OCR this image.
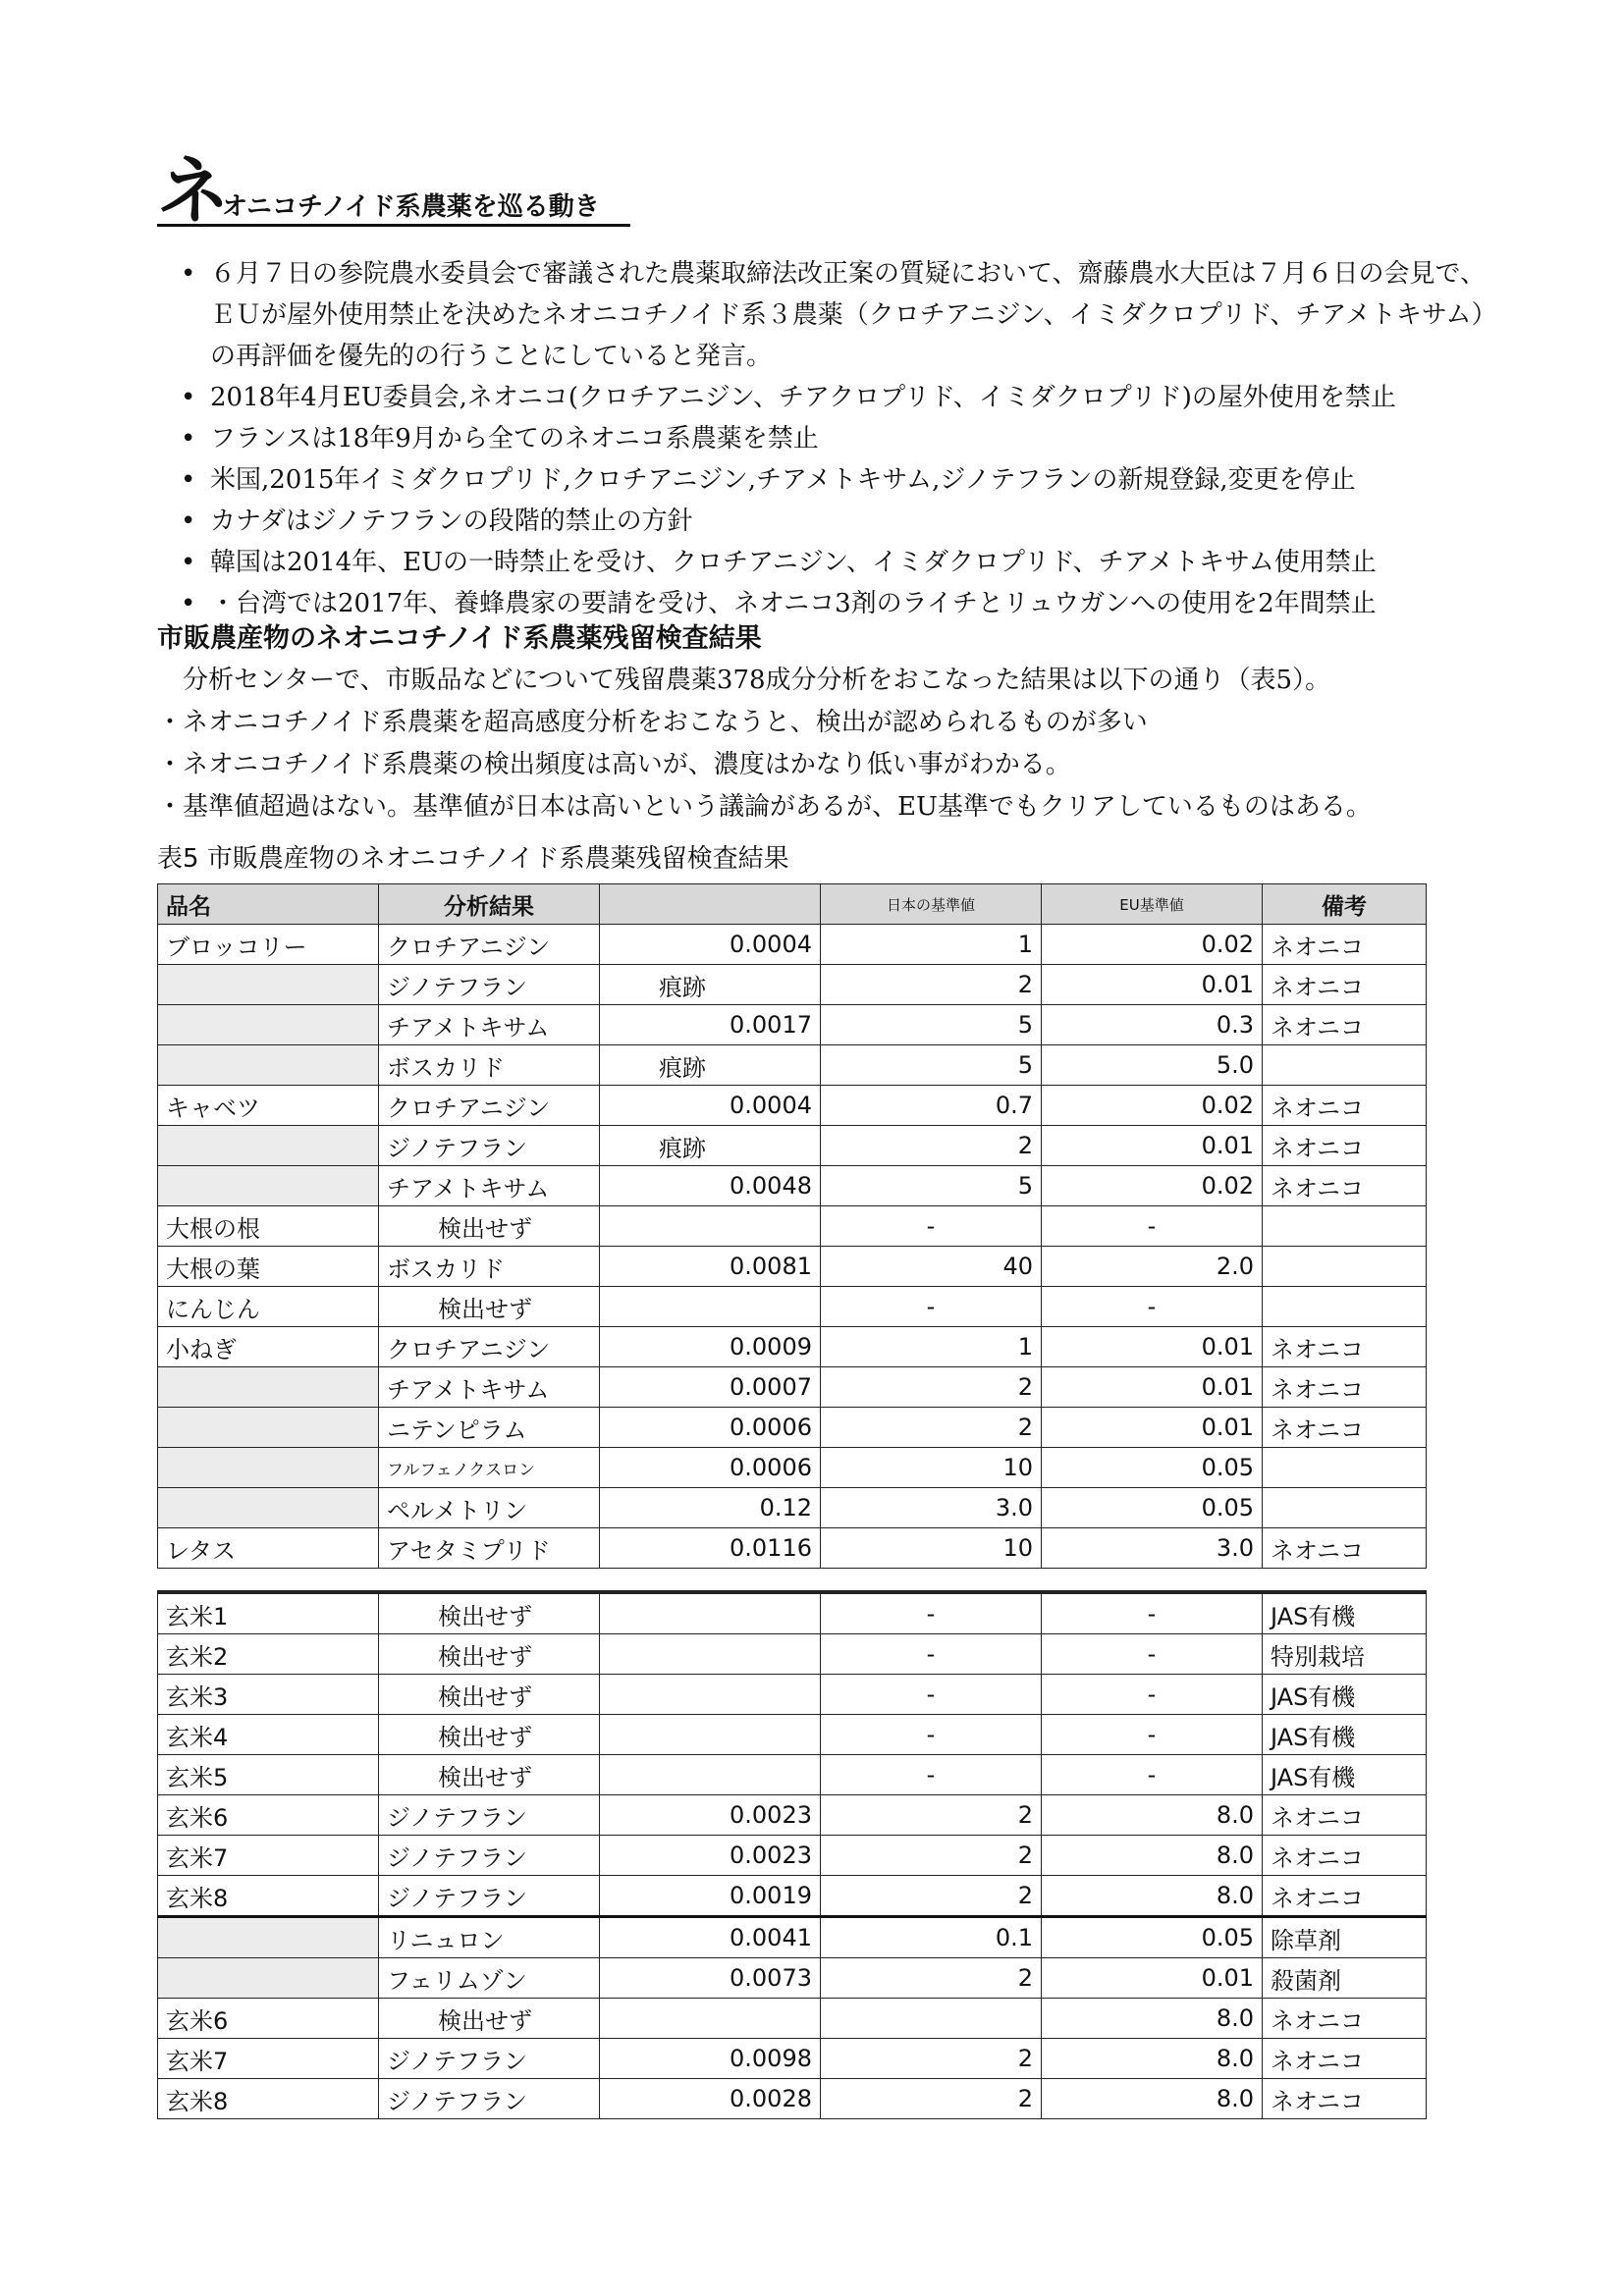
ネ
オニコチノイド系農薬を巡る動き
• ６月７日の参院農水委員会で審議された農薬取締法改正案の質疑において、齋藤農水大臣は７月６日の会見で、ＥＵが屋外使用禁止を決めたネオニコチノイド系３農薬（クロチアニジン、イミダクロプリド、チアメトキサム）の再評価を優先的の行うことにしていると発言。
• 2018年4月EU委員会,ネオニコ(クロチアニジン、チアクロプリド、イミダクロプリド)の屋外使用を禁止
• フランスは18年9月から全てのネオニコ系農薬を禁止
• 米国,2015年イミダクロプリド,クロチアニジン,チアメトキサム,ジノテフランの新規登録,変更を停止
• カナダはジノテフランの段階的禁止の方針
• 韓国は2014年、EUの一時禁止を受け、クロチアニジン、イミダクロプリド、チアメトキサム使用禁止
• ・台湾では2017年、養蜂農家の要請を受け、ネオニコ3剤のライチとリュウガンへの使用を2年間禁止
市販農産物のネオニコチノイド系農薬残留検査結果
分析センターで、市販品などについて残留農薬378成分分析をおこなった結果は以下の通り（表5）。
・ネオニコチノイド系農薬を超高感度分析をおこなうと、検出が認められるものが多い
・ネオニコチノイド系農薬の検出頻度は高いが、濃度はかなり低い事がわかる。
・基準値超過はない。基準値が日本は高いという議論があるが、EU基準でもクリアしているものはある。
表5 市販農産物のネオニコチノイド系農薬残留検査結果
品名	分析結果		日本の基準値	EU基準値	備考
ブロッコリー	クロチアニジン	0.0004	1	0.02	ネオニコ
	ジノテフラン	痕跡	2	0.01	ネオニコ
	チアメトキサム	0.0017	5	0.3	ネオニコ
	ボスカリド	痕跡	5	5.0	
キャベツ	クロチアニジン	0.0004	0.7	0.02	ネオニコ
	ジノテフラン	痕跡	2	0.01	ネオニコ
	チアメトキサム	0.0048	5	0.02	ネオニコ
大根の根	検出せず		-	-	
大根の葉	ボスカリド	0.0081	40	2.0	
にんじん	検出せず		-	-	
小ねぎ	クロチアニジン	0.0009	1	0.01	ネオニコ
	チアメトキサム	0.0007	2	0.01	ネオニコ
	ニテンピラム	0.0006	2	0.01	ネオニコ
	フルフェノクスロン	0.0006	10	0.05	
	ペルメトリン	0.12	3.0	0.05	
レタス	アセタミプリド	0.0116	10	3.0	ネオニコ
玄米1	検出せず		-	-	JAS有機
玄米2	検出せず		-	-	特別栽培
玄米3	検出せず		-	-	JAS有機
玄米4	検出せず		-	-	JAS有機
玄米5	検出せず		-	-	JAS有機
玄米6	ジノテフラン	0.0023	2	8.0	ネオニコ
玄米7	ジノテフラン	0.0023	2	8.0	ネオニコ
玄米8	ジノテフラン	0.0019	2	8.0	ネオニコ
	リニュロン	0.0041	0.1	0.05	除草剤
	フェリムゾン	0.0073	2	0.01	殺菌剤
玄米6	検出せず			8.0	ネオニコ
玄米7	ジノテフラン	0.0098	2	8.0	ネオニコ
玄米8	ジノテフラン	0.0028	2	8.0	ネオニコ
